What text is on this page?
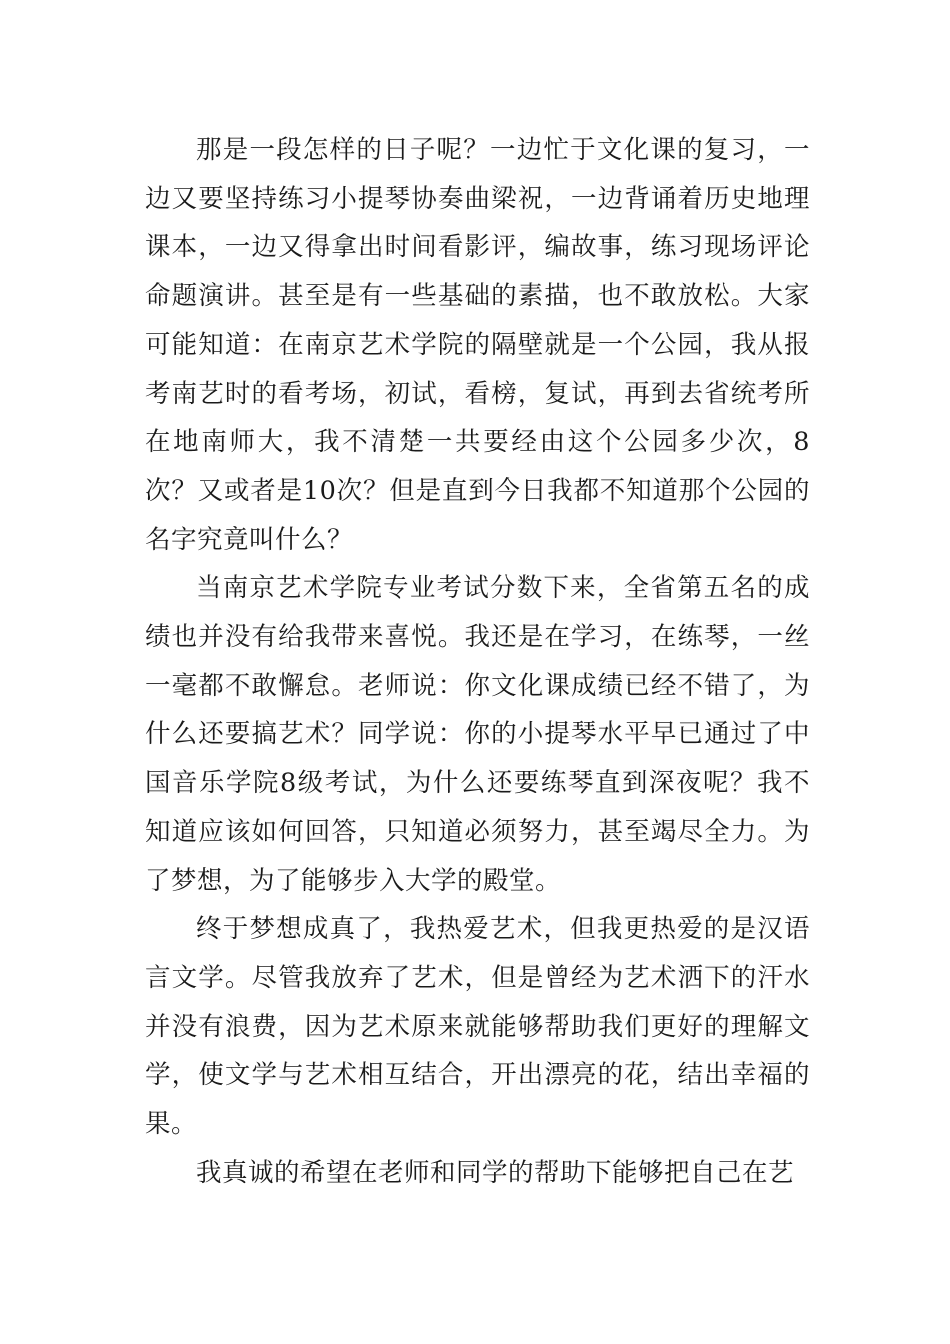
那是一段怎样的日子呢？一边忙于文化课的复习，一边又要坚持练习小提琴协奏曲梁祝，一边背诵着历史地理课本，一边又得拿出时间看影评，编故事，练习现场评论命题演讲。甚至是有一些基础的素描，也不敢放松。大家可能知道：在南京艺术学院的隔壁就是一个公园，我从报考南艺时的看考场，初试，看榜，复试，再到去省统考所在地南师大，我不清楚一共要经由这个公园多少次，8次？又或者是10次？但是直到今日我都不知道那个公园的名字究竟叫什么？

当南京艺术学院专业考试分数下来，全省第五名的成绩也并没有给我带来喜悦。我还是在学习，在练琴，一丝一毫都不敢懈怠。老师说：你文化课成绩已经不错了，为什么还要搞艺术？同学说：你的小提琴水平早已通过了中国音乐学院8级考试，为什么还要练琴直到深夜呢？我不知道应该如何回答，只知道必须努力，甚至竭尽全力。为了梦想，为了能够步入大学的殿堂。

终于梦想成真了，我热爱艺术，但我更热爱的是汉语言文学。尽管我放弃了艺术，但是曾经为艺术洒下的汗水并没有浪费，因为艺术原来就能够帮助我们更好的理解文学，使文学与艺术相互结合，开出漂亮的花，结出幸福的果。

我真诚的希望在老师和同学的帮助下能够把自己在艺
